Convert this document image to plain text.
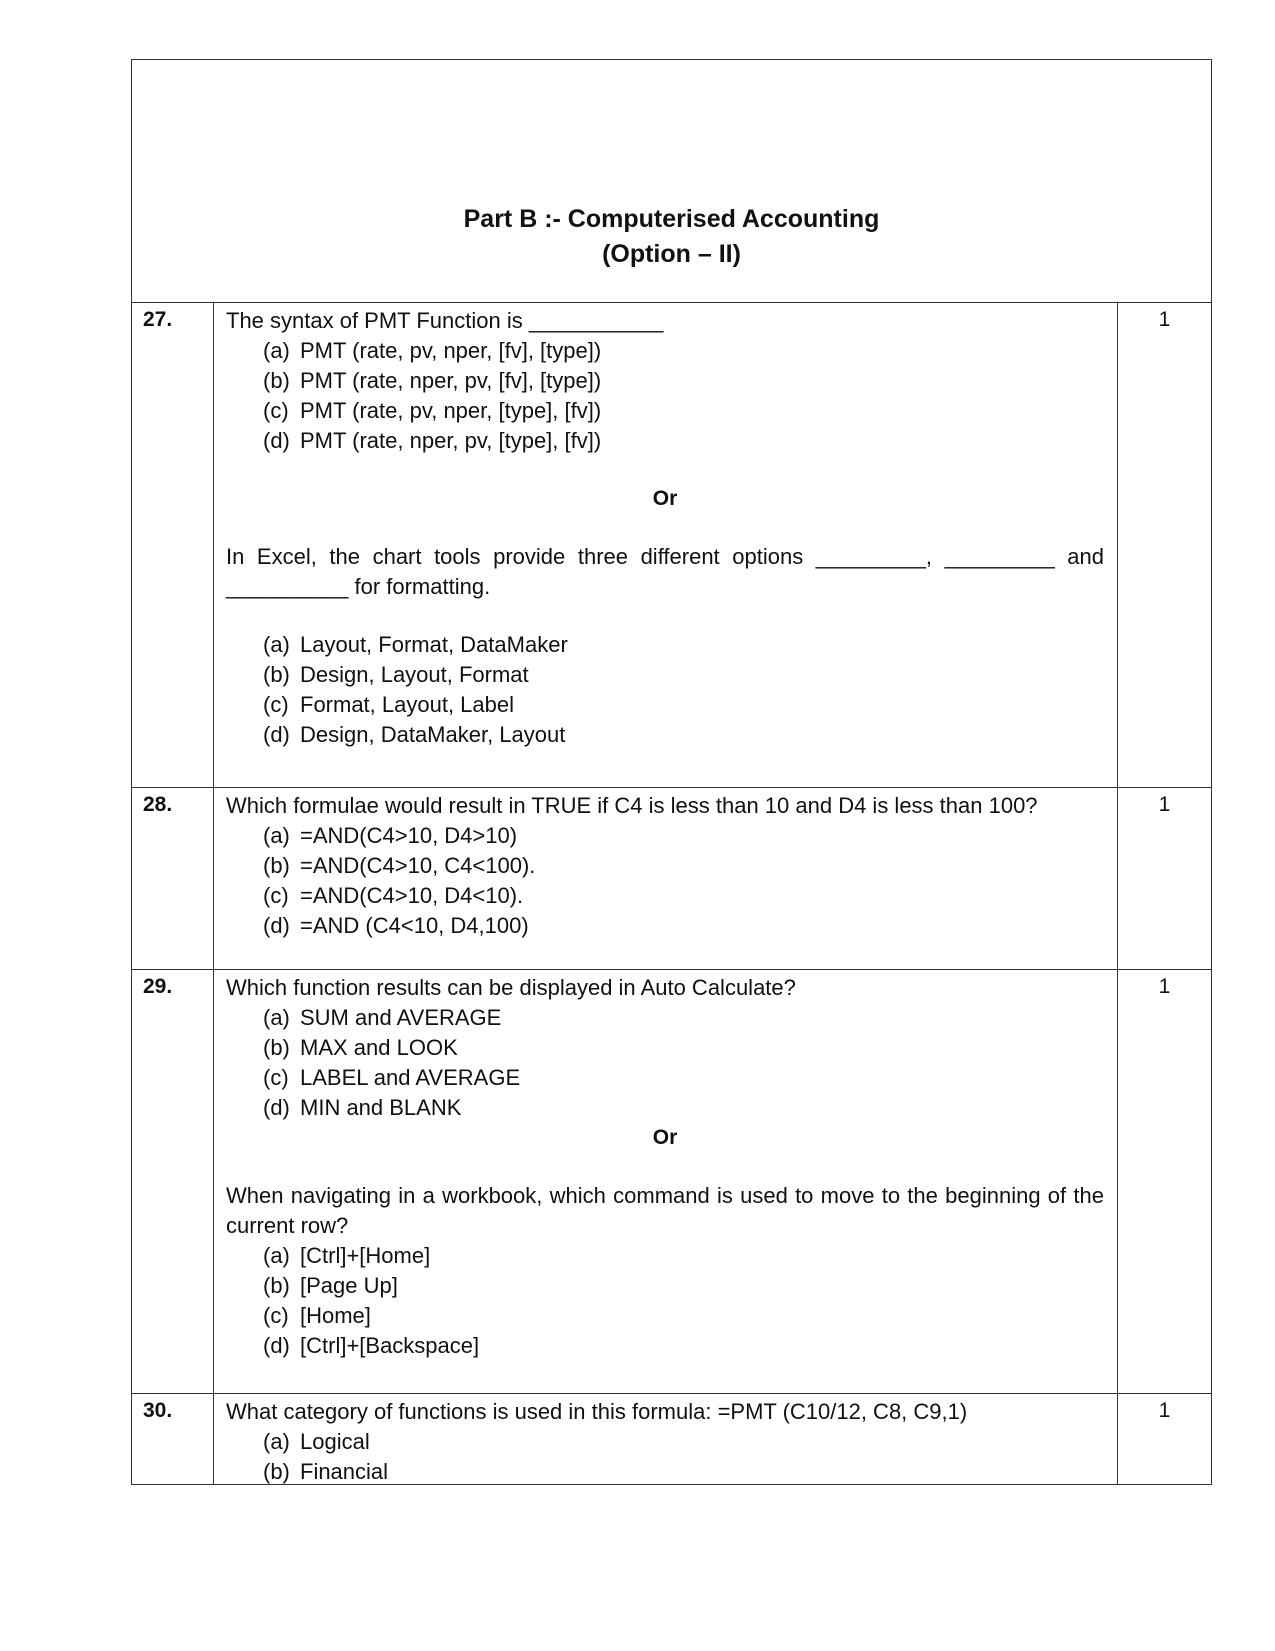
Part B :- Computerised Accounting
(Option – II)
27.	The syntax of PMT Function is ___________

(a) PMT (rate, pv, nper, [fv], [type])
(b) PMT (rate, nper, pv, [fv], [type])
(c) PMT (rate, pv, nper, [type], [fv])
(d) PMT (rate, nper, pv, [type], [fv])

Or

In Excel, the chart tools provide three different options _________, _________ and __________ for formatting.

(a) Layout, Format, DataMaker
(b) Design, Layout, Format
(c) Format, Layout, Label
(d) Design, DataMaker, Layout
1
28.	Which formulae would result in TRUE if C4 is less than 10 and D4 is less than 100?

(a) =AND(C4>10, D4>10)
(b) =AND(C4>10, C4<100).
(c) =AND(C4>10, D4<10).
(d) =AND (C4<10, D4,100)
1
29.	Which function results can be displayed in Auto Calculate?

(a) SUM and AVERAGE
(b) MAX and LOOK
(c) LABEL and AVERAGE
(d) MIN and BLANK

Or

When navigating in a workbook, which command is used to move to the beginning of the current row?

(a) [Ctrl]+[Home]
(b) [Page Up]
(c) [Home]
(d) [Ctrl]+[Backspace]
1
30.	What category of functions is used in this formula: =PMT (C10/12, C8, C9,1)

(a) Logical
(b) Financial
1
